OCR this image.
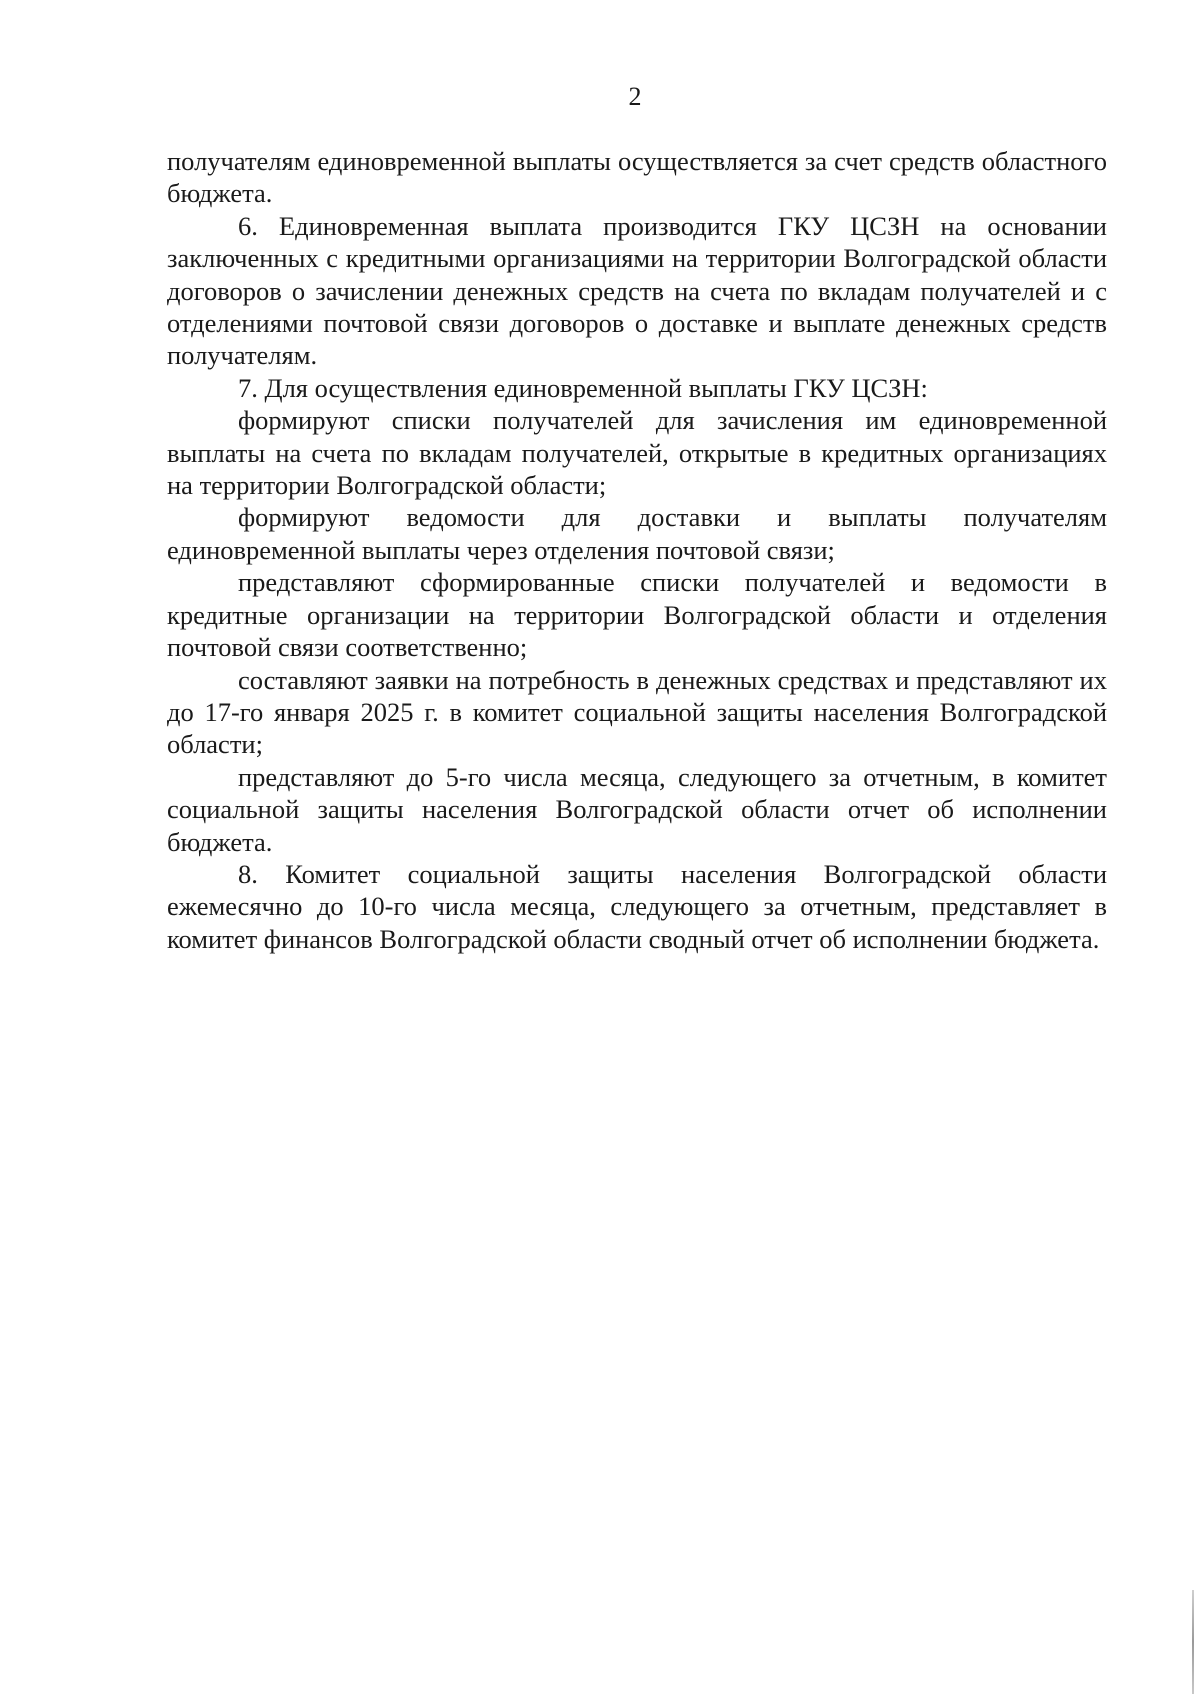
2

получателям единовременной выплаты осуществляется за счет средств областного бюджета.

6. Единовременная выплата производится ГКУ ЦСЗН на основании заключенных с кредитными организациями на территории Волгоградской области договоров о зачислении денежных средств на счета по вкладам получателей и с отделениями почтовой связи договоров о доставке и выплате денежных средств получателям.

7. Для осуществления единовременной выплаты ГКУ ЦСЗН:

формируют списки получателей для зачисления им единовременной выплаты на счета по вкладам получателей, открытые в кредитных организациях на территории Волгоградской области;

формируют ведомости для доставки и выплаты получателям единовременной выплаты через отделения почтовой связи;

представляют сформированные списки получателей и ведомости в кредитные организации на территории Волгоградской области и отделения почтовой связи соответственно;

составляют заявки на потребность в денежных средствах и представляют их до 17-го января 2025 г. в комитет социальной защиты населения Волгоградской области;

представляют до 5-го числа месяца, следующего за отчетным, в комитет социальной защиты населения Волгоградской области отчет об исполнении бюджета.

8. Комитет социальной защиты населения Волгоградской области ежемесячно до 10-го числа месяца, следующего за отчетным, представляет в комитет финансов Волгоградской области сводный отчет об исполнении бюджета.
